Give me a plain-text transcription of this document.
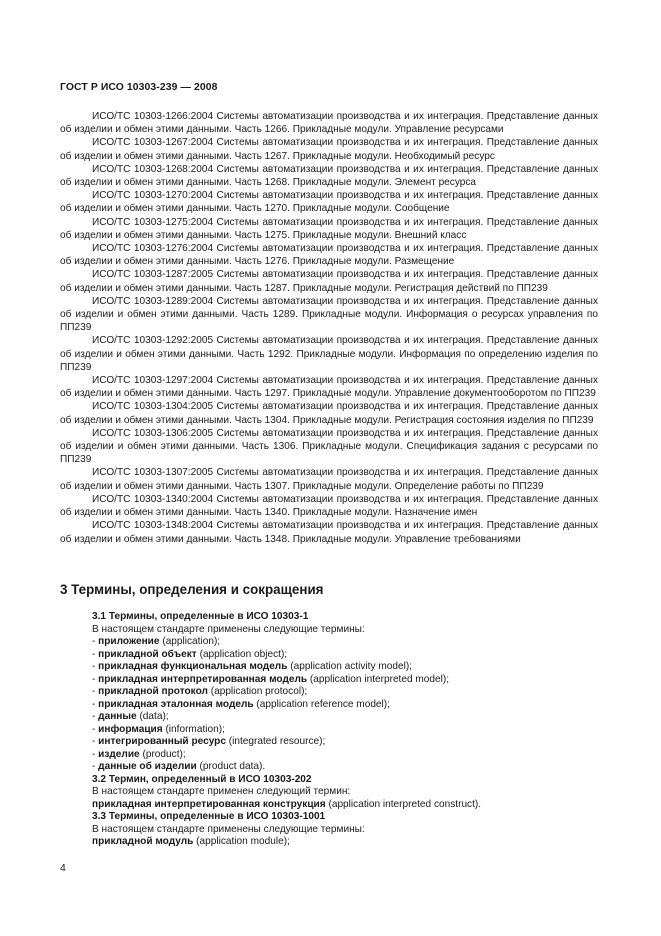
ГОСТ Р ИСО 10303-239 — 2008

ИСО/ТС 10303-1266:2004 Системы автоматизации производства и их интеграция. Представление данных об изделии и обмен этими данными. Часть 1266. Прикладные модули. Управление ресурсами

ИСО/ТС 10303-1267:2004 Системы автоматизации производства и их интеграция. Представление данных об изделии и обмен этими данными. Часть 1267. Прикладные модули. Необходимый ресурс

ИСО/ТС 10303-1268:2004 Системы автоматизации производства и их интеграция. Представление данных об изделии и обмен этими данными. Часть 1268. Прикладные модули. Элемент ресурса

ИСО/ТС 10303-1270:2004 Системы автоматизации производства и их интеграция. Представление данных об изделии и обмен этими данными. Часть 1270. Прикладные модули. Сообщение

ИСО/ТС 10303-1275:2004 Системы автоматизации производства и их интеграция. Представление данных об изделии и обмен этими данными. Часть 1275. Прикладные модули. Внешний класс

ИСО/ТС 10303-1276:2004 Системы автоматизации производства и их интеграция. Представление данных об изделии и обмен этими данными. Часть 1276. Прикладные модули. Размещение

ИСО/ТС 10303-1287:2005 Системы автоматизации производства и их интеграция. Представление данных об изделии и обмен этими данными. Часть 1287. Прикладные модули. Регистрация действий по ПП239

ИСО/ТС 10303-1289:2004 Системы автоматизации производства и их интеграция. Представление данных об изделии и обмен этими данными. Часть 1289. Прикладные модули. Информация о ресурсах управления по ПП239

ИСО/ТС 10303-1292:2005 Системы автоматизации производства и их интеграция. Представление данных об изделии и обмен этими данными. Часть 1292. Прикладные модули. Информация по определению изделия по ПП239

ИСО/ТС 10303-1297:2004 Системы автоматизации производства и их интеграция. Представление данных об изделии и обмен этими данными. Часть 1297. Прикладные модули. Управление документооборотом по ПП239

ИСО/ТС 10303-1304:2005 Системы автоматизации производства и их интеграция. Представление данных об изделии и обмен этими данными. Часть 1304. Прикладные модули. Регистрация состояния изделия по ПП239

ИСО/ТС 10303-1306:2005 Системы автоматизации производства и их интеграция. Представление данных об изделии и обмен этими данными. Часть 1306. Прикладные модули. Спецификация задания с ресурсами по ПП239

ИСО/ТС 10303-1307:2005 Системы автоматизации производства и их интеграция. Представление данных об изделии и обмен этими данными. Часть 1307. Прикладные модули. Определение работы по ПП239

ИСО/ТС 10303-1340:2004 Системы автоматизации производства и их интеграция. Представление данных об изделии и обмен этими данными. Часть 1340. Прикладные модули. Назначение имен

ИСО/ТС 10303-1348:2004 Системы автоматизации производства и их интеграция. Представление данных об изделии и обмен этими данными. Часть 1348. Прикладные модули. Управление требованиями

3 Термины, определения и сокращения

3.1 Термины, определенные в ИСО 10303-1

В настоящем стандарте применены следующие термины:

- приложение (application);

- прикладной объект (application object);

- прикладная функциональная модель (application activity model);

- прикладная интерпретированная модель (application interpreted model);

- прикладной протокол (application protocol);

- прикладная эталонная модель (application reference model);

- данные (data);

- информация (information);

- интегрированный ресурс (integrated resource);

- изделие (product);

- данные об изделии (product data).

3.2 Термин, определенный в ИСО 10303-202

В настоящем стандарте применен следующий термин:

прикладная интерпретированная конструкция (application interpreted construct).

3.3 Термины, определенные в ИСО 10303-1001

В настоящем стандарте применены следующие термины:

прикладной модуль (application module);

4
